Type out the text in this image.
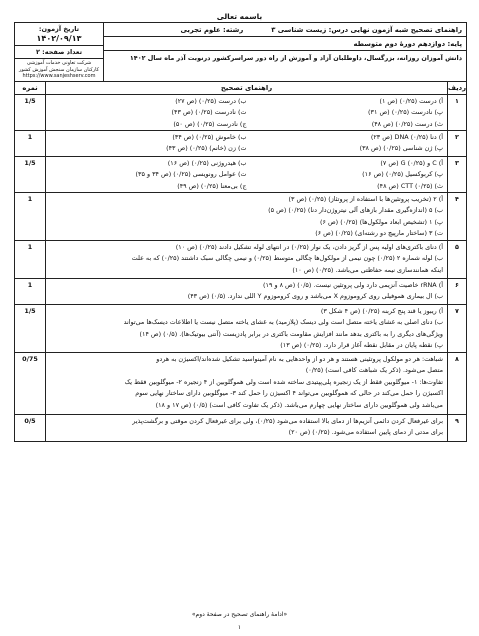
باسمه تعالی
راهنمای تصحیح شبه آزمون نهایی درس:

زیست شناسی ۳
رشته:

علوم تجربی
پایه: دوازدهم دورۀ دوم متوسطه
دانش آموزان روزانه، بزرگسال، داوطلبان آزاد و آموزش از راه دور

سراسرکشور

درنوبت آذر ماه سال ۱۴۰۲
تاریخ آزمون:
۱۴۰۲/۰۹/۱۳
تعداد صفحه: ۲
شرکت تعاونی خدمات آموزشی
کارکنان سازمان سنجش آموزش کشور
https://www.sanjeshserv.com
ردیف
راهنمای تصحیح
نمره
۱
آ) درست (۰/۲۵) (ص ۱)
پ) نادرست (۰/۲۵) (ص ۳۱)
ث) درست (۰/۲۵) (ص ۴۸)
ب) درست (۰/۲۵) (ص ۲۷)
ت) نادرست (۰/۲۵) (ص ۴۳)
ج) نادرست (۰/۲۵) (ص ۵۰)
1/5
۲
آ) دنا DNA (۰/۲۵) (ص ۲۳)
پ) ژن شناسی (۰/۲۵) (ص ۳۸)
ب) خاموش (۰/۲۵) (ص ۳۴)
ت) زن (خانم) (۰/۲۵) (ص ۴۳)
1
۳
آ) C و G (۰/۲۵) (ص ۷)
پ) کربوکسیل (۰/۲۵) (ص ۱۶)
ث) CTT (۰/۲۵) (ص ۴۸)
ب) هیدروژنی (۰/۲۵) (ص ۱۶)
ت) عوامل رونویسی (۰/۲۵) (ص ۳۴ و ۳۵)
ج) بی‌معنا (۰/۲۵) (ص ۴۹)
1/5
۴
آ) ۲ (تخریب پروتئین‌ها با استفاده از پروتئاز) (۰/۲۵) (ص ۳)
ب) ۵ (اندازه‌گیری مقدار بازهای آلی نیتروژن‌دار دنا) (۰/۲۵) (ص ۵)
پ) ۱ (تشخیص ابعاد مولکول‌ها) (۰/۲۵) (ص ۶)
ت) ۳ (ساختار مارپیچ دو رشته‌ای) (۰/۲۵) (ص ۶)
1
۵
آ) دنای باکتری‌های اولیه پس از گریز دادن، یک نوار (۰/۲۵) در انتهای لوله تشکیل دادند (۰/۲۵) (ص ۱۰)
ب) لوله شماره ۲ (۰/۲۵) چون نیمی از مولکول‌ها چگالی متوسط (۰/۲۵) و نیمی چگالی سبک داشتند (۰/۲۵) که به علت
اینکه همانندسازی نیمه حفاظتی می‌باشد. (۰/۲۵) (ص ۱۰)
1
۶
آ) rRNA خاصیت آنزیمی دارد ولی پروتئین نیست. (۰/۵) (ص ۸ و ۱۹)
ب) ال بیماری هموفیلی روی کروموزوم X می‌باشد و روی کروموزوم Y اللی ندارد. (۰/۵) (ص ۴۳)
1
۷
آ) ریبوز یا قند پنج کربنه (۰/۲۵) (ص ۴ شکل ۳)
ب) دنای اصلی به غشای یاخته متصل است ولی دیسک (پلازمید) به غشای یاخته متصل نیست یا اطلاعات دیسک‌ها می‌تواند
ویژگی‌های دیگری را به باکتری بدهد مانند افزایش مقاومت باکتری در برابر پادزیست (آنتی بیوتیک‌ها). (۰/۵) (ص ۱۴)
پ) نقطه پایان در مقابل نقطه آغاز قرار دارد. (۰/۲۵) (ص ۱۳)
1/5
۸
شباهت: هر دو مولکول پروتئینی هستند و هر دو از واحدهایی به نام آمینواسید تشکیل شده‌اند/اکسیژن به هردو
متصل می‌شود. (ذکر یک شباهت کافی است) (۰/۲۵)
تفاوت‌ها: ۱- میوگلوبین فقط از یک زنجیره پلی‌پپتیدی ساخته شده است ولی هموگلوبین از ۴ زنجیره ۲- میوگلوبین فقط یک
اکسیژن را حمل می‌کند در حالی که هموگلوبین می‌تواند ۴ اکسیژن را حمل کند ۳- میوگلوبین دارای ساختار نهایی سوم
می‌باشد ولی هموگلوبین دارای ساختار نهایی چهارم می‌باشد. (ذکر یک تفاوت کافی است) (۰/۵) (ص ۱۷ و ۱۸)
0/75
۹
برای غیرفعال کردن دائمی آنزیم‌ها از دمای بالا استفاده می‌شود (۰/۲۵)، ولی برای غیرفعال کردن موقتی و برگشت‌پذیر
برای مدتی از دمای پایین استفاده می‌شود. (۰/۲۵) (ص ۲۰)
0/5
«ادامۀ راهنمای تصحیح در صفحۀ دوم»
۱
